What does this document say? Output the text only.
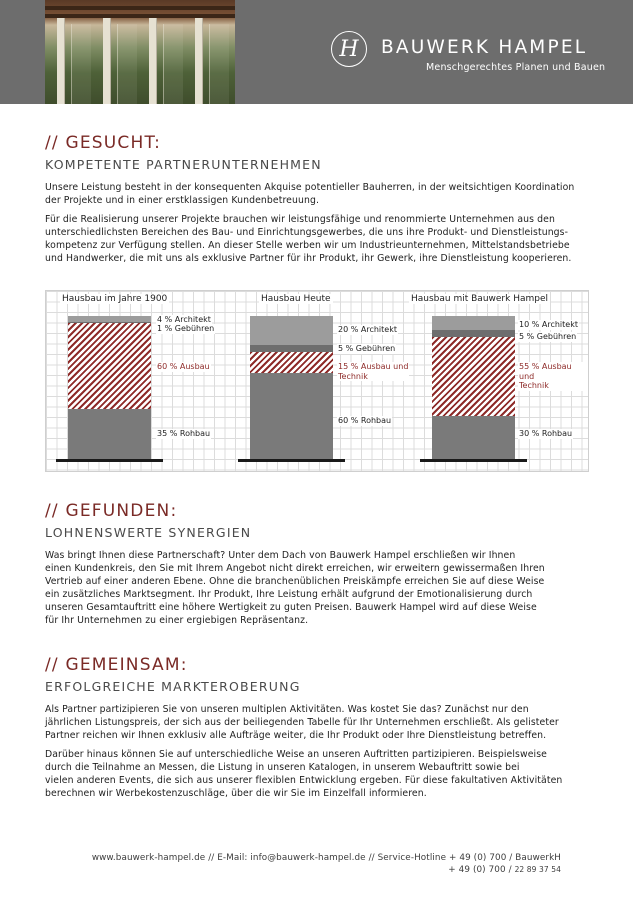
H BAUWERK HAMPEL
Menschgerechtes Planen und Bauen
// GESUCHT:
KOMPETENTE PARTNERUNTERNEHMEN
Unsere Leistung besteht in der konsequenten Akquise potentieller Bauherren, in der weitsichtigen Koordination
der Projekte und in einer erstklassigen Kundenbetreuung.
Für die Realisierung unserer Projekte brauchen wir leistungsfähige und renommierte Unternehmen aus den
unterschiedlichsten Bereichen des Bau- und Einrichtungsgewerbes, die uns ihre Produkt- und Dienstleistungs-
kompetenz zur Verfügung stellen. An dieser Stelle werben wir um Industrieunternehmen, Mittelstandsbetriebe
und Handwerker, die mit uns als exklusive Partner für ihr Produkt, ihr Gewerk, ihre Dienstleistung kooperieren.
Hausbau im Jahre 1900
35 % Rohbau
60 % Ausbau
1 % Gebühren
4 % Architekt
Hausbau Heute
60 % Rohbau
15 % Ausbau und
Technik
5 % Gebühren
20 % Architekt
Hausbau mit Bauwerk Hampel
30 % Rohbau
55 % Ausbau und
Technik
5 % Gebühren
10 % Architekt
// GEFUNDEN:
LOHNENSWERTE SYNERGIEN
Was bringt Ihnen diese Partnerschaft? Unter dem Dach von Bauwerk Hampel erschließen wir Ihnen
einen Kundenkreis, den Sie mit Ihrem Angebot nicht direkt erreichen, wir erweitern gewissermaßen Ihren
Vertrieb auf einer anderen Ebene. Ohne die branchenüblichen Preiskämpfe erreichen Sie auf diese Weise
ein zusätzliches Marktsegment. Ihr Produkt, Ihre Leistung erhält aufgrund der Emotionalisierung durch
unseren Gesamtauftritt eine höhere Wertigkeit zu guten Preisen. Bauwerk Hampel wird auf diese Weise
für Ihr Unternehmen zu einer ergiebigen Repräsentanz.
// GEMEINSAM:
ERFOLGREICHE MARKTEROBERUNG
Als Partner partizipieren Sie von unseren multiplen Aktivitäten. Was kostet Sie das? Zunächst nur den
jährlichen Listungspreis, der sich aus der beiliegenden Tabelle für Ihr Unternehmen erschließt. Als gelisteter
Partner reichen wir Ihnen exklusiv alle Aufträge weiter, die Ihr Produkt oder Ihre Dienstleistung betreffen.
Darüber hinaus können Sie auf unterschiedliche Weise an unseren Auftritten partizipieren. Beispielsweise
durch die Teilnahme an Messen, die Listung in unseren Katalogen, in unserem Webauftritt sowie bei
vielen anderen Events, die sich aus unserer flexiblen Entwicklung ergeben. Für diese fakultativen Aktivitäten
berechnen wir Werbekostenzuschläge, über die wir Sie im Einzelfall informieren.
www.bauwerk-hampel.de // E-Mail: info@bauwerk-hampel.de // Service-Hotline + 49 (0) 700 / BauwerkH
+ 49 (0) 700 / 22 89 37 54
